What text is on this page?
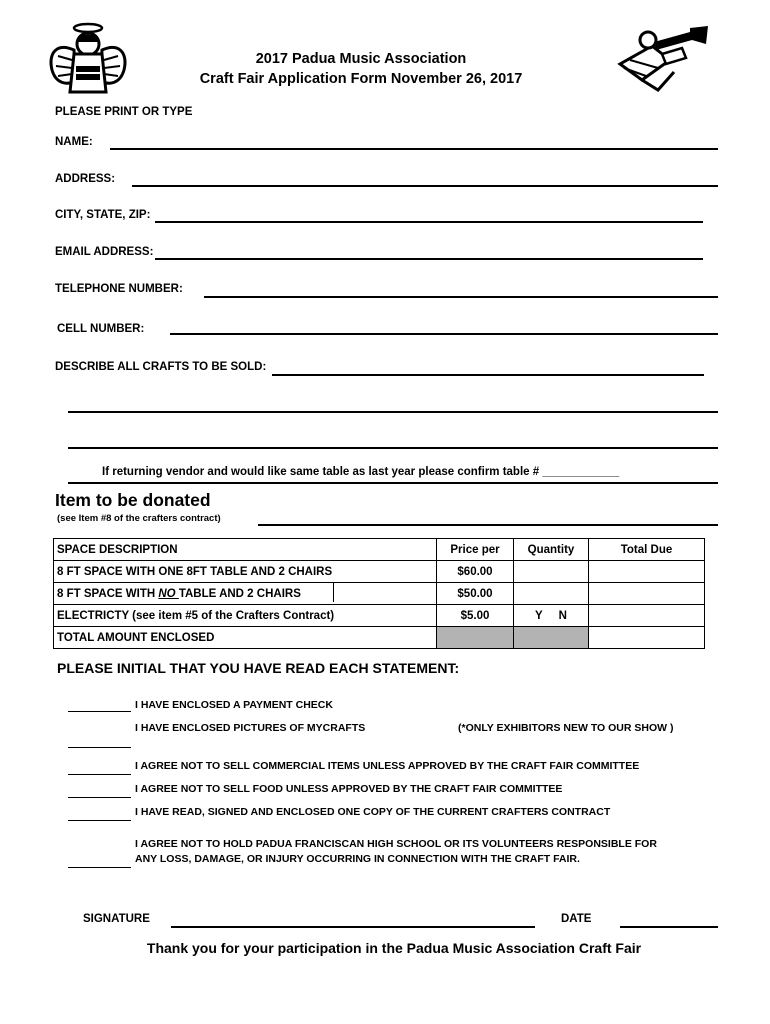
2017 Padua Music Association
Craft Fair Application Form November 26, 2017
PLEASE PRINT OR TYPE
NAME:
ADDRESS:
CITY, STATE, ZIP:
EMAIL ADDRESS:
TELEPHONE NUMBER:
CELL NUMBER:
DESCRIBE ALL CRAFTS TO BE SOLD:
If returning vendor and would like same table as last year please confirm table # ____________
Item to be donated
(see Item #8 of the crafters contract)
SPACE DESCRIPTION	Price per	Quantity	Total Due
8 FT SPACE WITH ONE 8FT TABLE AND 2 CHAIRS	$60.00		
8 FT SPACE WITH NO TABLE AND 2 CHAIRS	$50.00		
ELECTRICTY (see item #5 of the Crafters Contract)	$5.00	Y N	
TOTAL AMOUNT ENCLOSED			
PLEASE INITIAL THAT YOU HAVE READ EACH STATEMENT:
I HAVE ENCLOSED A PAYMENT CHECK
I HAVE ENCLOSED PICTURES OF MYCRAFTS	(*ONLY EXHIBITORS NEW TO OUR SHOW )
I AGREE NOT TO SELL COMMERCIAL ITEMS UNLESS APPROVED BY THE CRAFT FAIR COMMITTEE
I AGREE NOT TO SELL FOOD UNLESS APPROVED BY THE CRAFT FAIR COMMITTEE
I HAVE READ, SIGNED AND ENCLOSED ONE COPY OF THE CURRENT CRAFTERS CONTRACT
I AGREE NOT TO HOLD PADUA FRANCISCAN HIGH SCHOOL OR ITS VOLUNTEERS RESPONSIBLE FOR
ANY LOSS, DAMAGE, OR INJURY OCCURRING IN CONNECTION WITH THE CRAFT FAIR.
SIGNATURE	DATE
Thank you for your participation in the Padua Music Association Craft Fair
